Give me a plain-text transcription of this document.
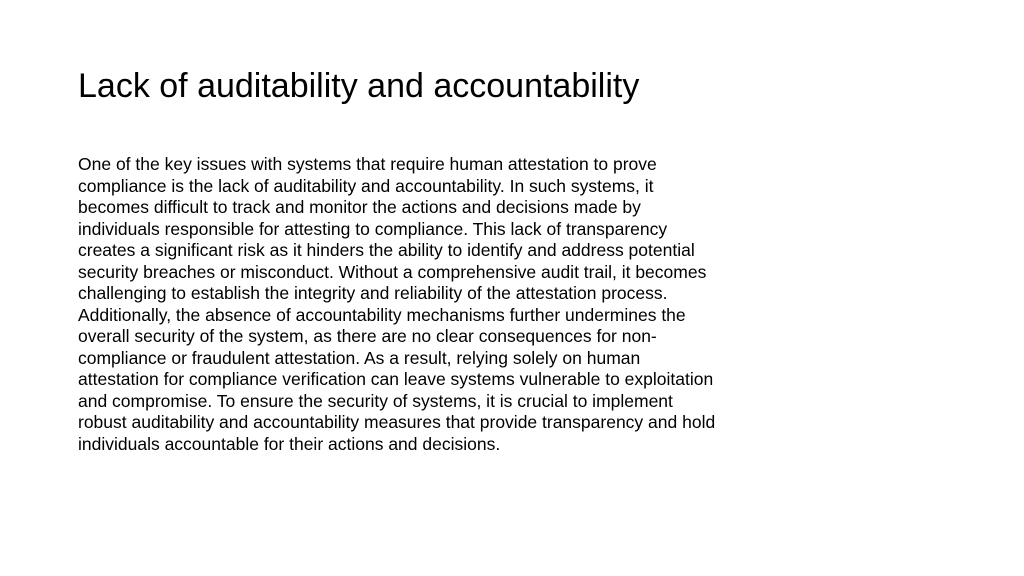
Lack of auditability and accountability
One of the key issues with systems that require human attestation to prove
compliance is the lack of auditability and accountability. In such systems, it
becomes difficult to track and monitor the actions and decisions made by
individuals responsible for attesting to compliance. This lack of transparency
creates a significant risk as it hinders the ability to identify and address potential
security breaches or misconduct. Without a comprehensive audit trail, it becomes
challenging to establish the integrity and reliability of the attestation process.
Additionally, the absence of accountability mechanisms further undermines the
overall security of the system, as there are no clear consequences for non-
compliance or fraudulent attestation. As a result, relying solely on human
attestation for compliance verification can leave systems vulnerable to exploitation
and compromise. To ensure the security of systems, it is crucial to implement
robust auditability and accountability measures that provide transparency and hold
individuals accountable for their actions and decisions.
